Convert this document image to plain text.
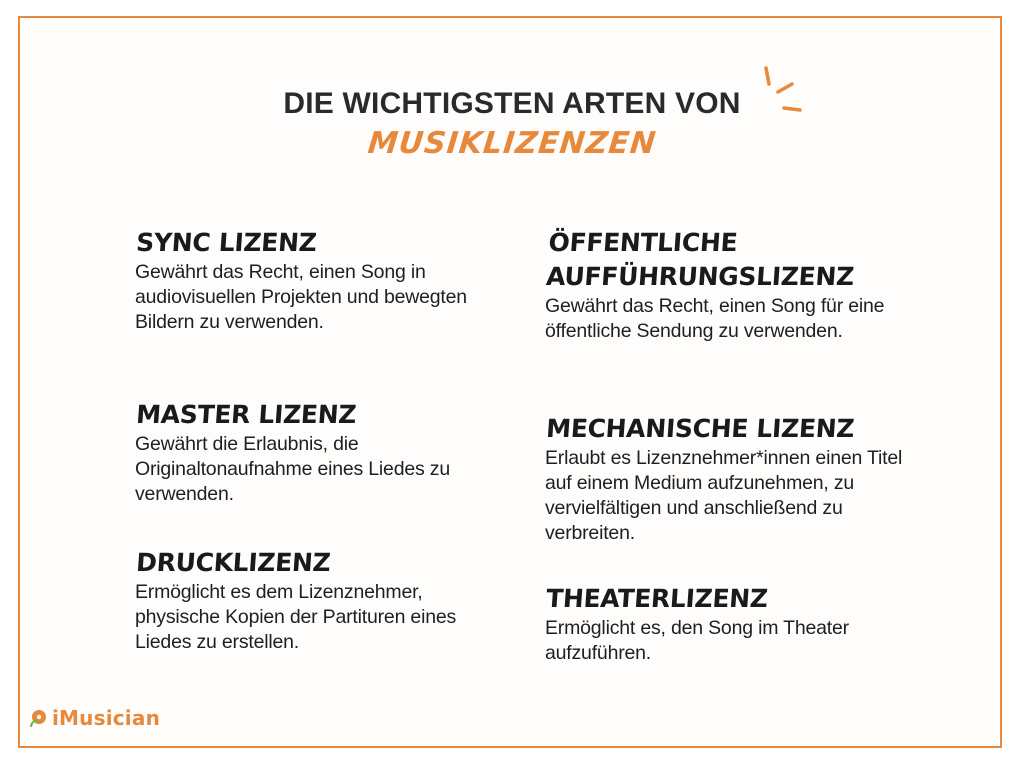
DIE WICHTIGSTEN ARTEN VON
MUSIKLIZENZEN
SYNC LIZENZ
Gewährt das Recht, einen Song in audiovisuellen Projekten und bewegten Bildern zu verwenden.
MASTER LIZENZ
Gewährt die Erlaubnis, die Originaltonaufnahme eines Liedes zu verwenden.
DRUCKLIZENZ
Ermöglicht es dem Lizenznehmer, physische Kopien der Partituren eines Liedes zu erstellen.
ÖFFENTLICHE AUFFÜHRUNGSLIZENZ
Gewährt das Recht, einen Song für eine öffentliche Sendung zu verwenden.
MECHANISCHE LIZENZ
Erlaubt es Lizenznehmer*innen einen Titel auf einem Medium aufzunehmen, zu vervielfältigen und anschließend zu verbreiten.
THEATERLIZENZ
Ermöglicht es, den Song im Theater aufzuführen.
iMusician
